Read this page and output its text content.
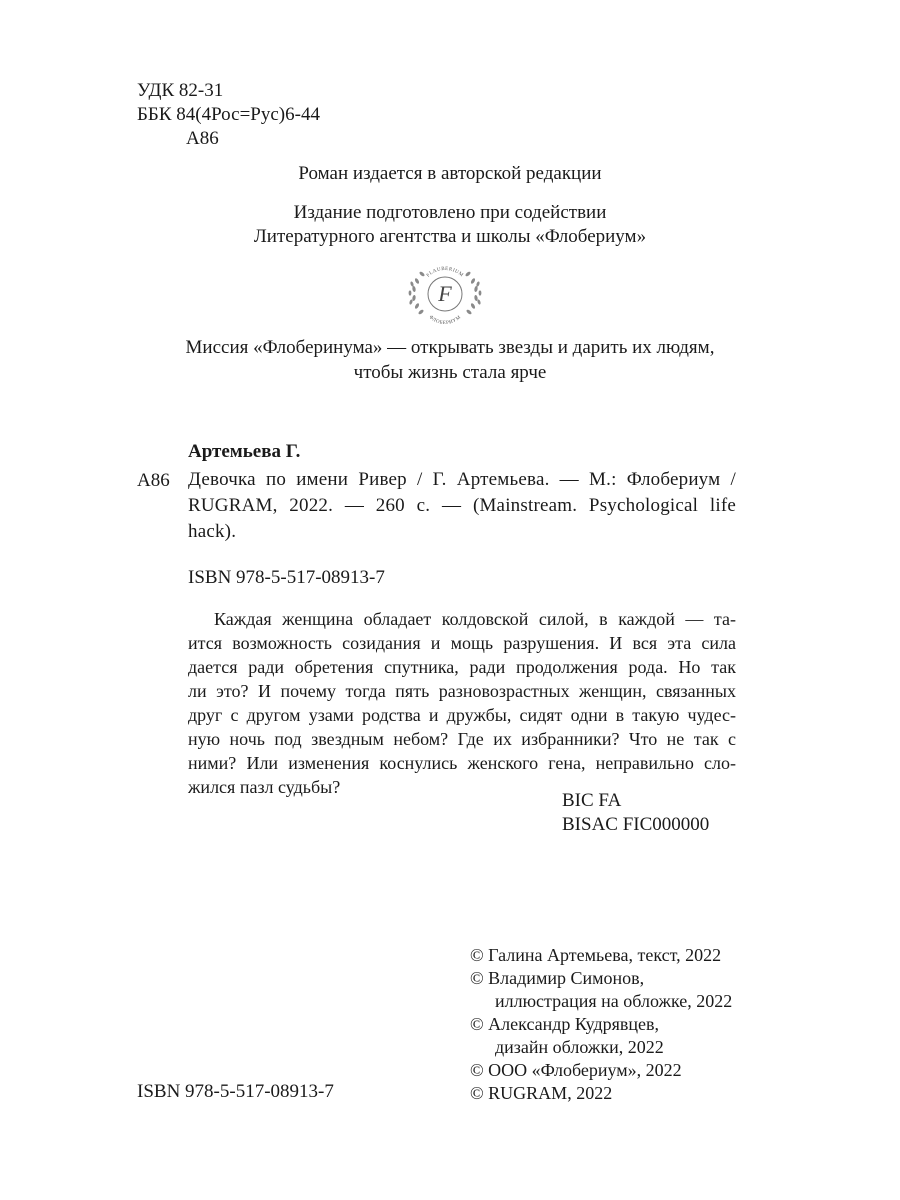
УДК 82-31
ББК 84(4Рос=Рус)6-44
А86
Роман издается в авторской редакции
Издание подготовлено при содействии
Литературного агентства и школы «Флобериум»
FLAUBERIUM
ФЛОБЕРИУМ
F
Миссия «Флоберинума» — открывать звезды и дарить их людям,
чтобы жизнь стала ярче
Артемьева Г.
А86 Девочка по имени Ривер / Г. Артемьева. — М.: Флобериум /
RUGRAM, 2022. — 260 с. — (Mainstream. Psychological life
hack).
ISBN 978-5-517-08913-7
Каждая женщина обладает колдовской силой, в каждой — та-
ится возможность созидания и мощь разрушения. И вся эта сила
дается ради обретения спутника, ради продолжения рода. Но так
ли это? И почему тогда пять разновозрастных женщин, связанных
друг с другом узами родства и дружбы, сидят одни в такую чудес-
ную ночь под звездным небом? Где их избранники? Что не так с
ними? Или изменения коснулись женского гена, неправильно сло-
жился пазл судьбы?
BIC FA
BISAC FIC000000
© Галина Артемьева, текст, 2022
© Владимир Симонов,
иллюстрация на обложке, 2022
© Александр Кудрявцев,
дизайн обложки, 2022
© ООО «Флобериум», 2022
© RUGRAM, 2022
ISBN 978-5-517-08913-7
